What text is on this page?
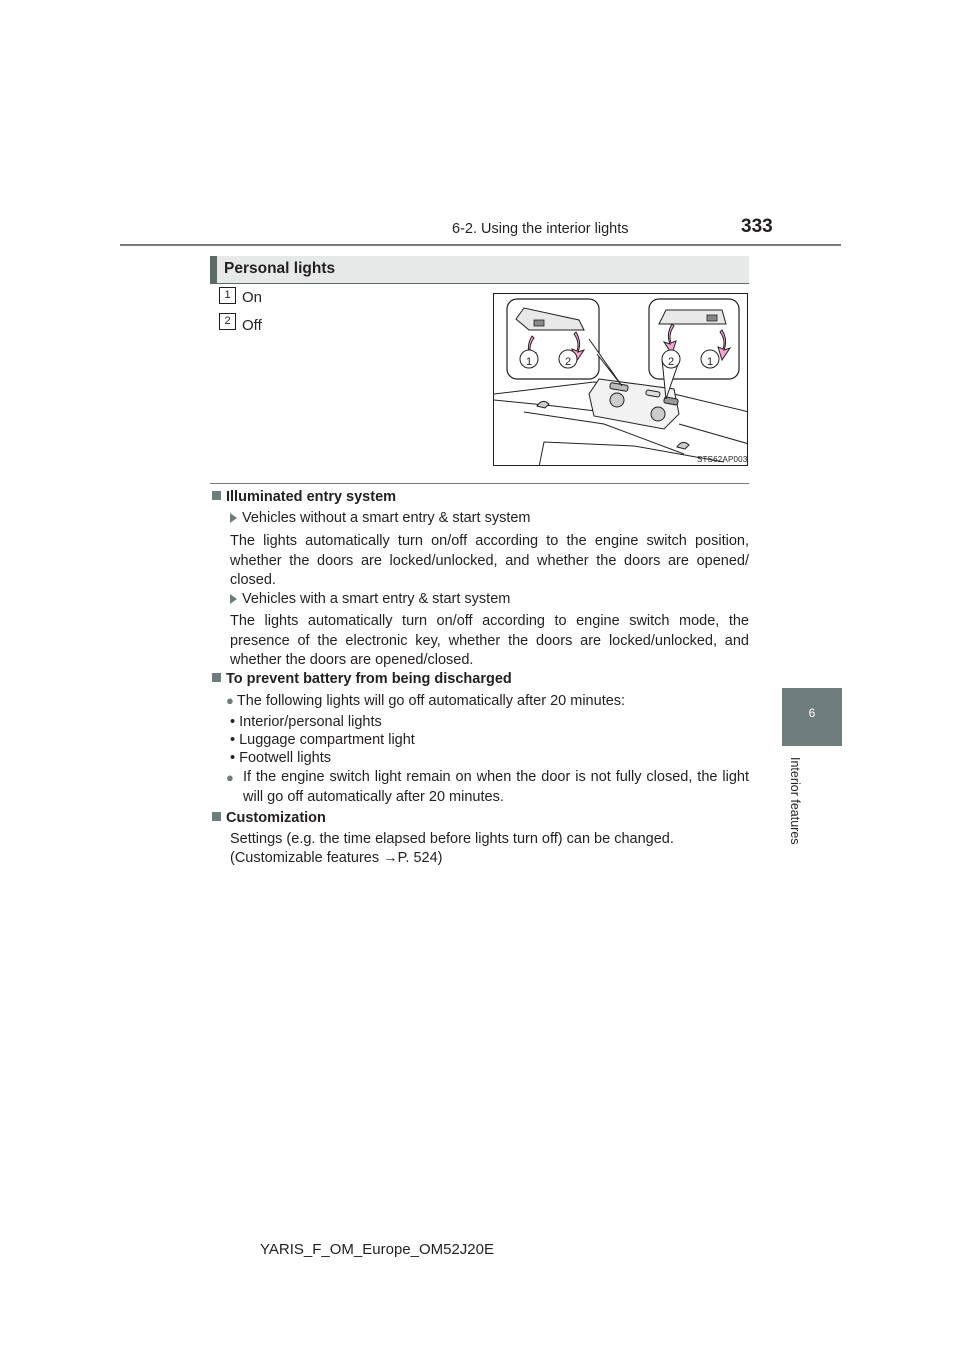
6-2. Using the interior lights	333
6
Interior features
Personal lights
1 On
2 Off
1	2	2	1
STS62AP003
Illuminated entry system
Vehicles without a smart entry & start system
The lights automatically turn on/off according to the engine switch position, whether the doors are locked/unlocked, and whether the doors are opened/ closed.
Vehicles with a smart entry & start system
The lights automatically turn on/off according to engine switch mode, the presence of the electronic key, whether the doors are locked/unlocked, and whether the doors are opened/closed.
To prevent battery from being discharged
● The following lights will go off automatically after 20 minutes:
• Interior/personal lights
• Luggage compartment light
• Footwell lights
● If the engine switch light remain on when the door is not fully closed, the light will go off automatically after 20 minutes.
Customization
Settings (e.g. the time elapsed before lights turn off) can be changed.
(Customizable features →P. 524)
YARIS_F_OM_Europe_OM52J20E
